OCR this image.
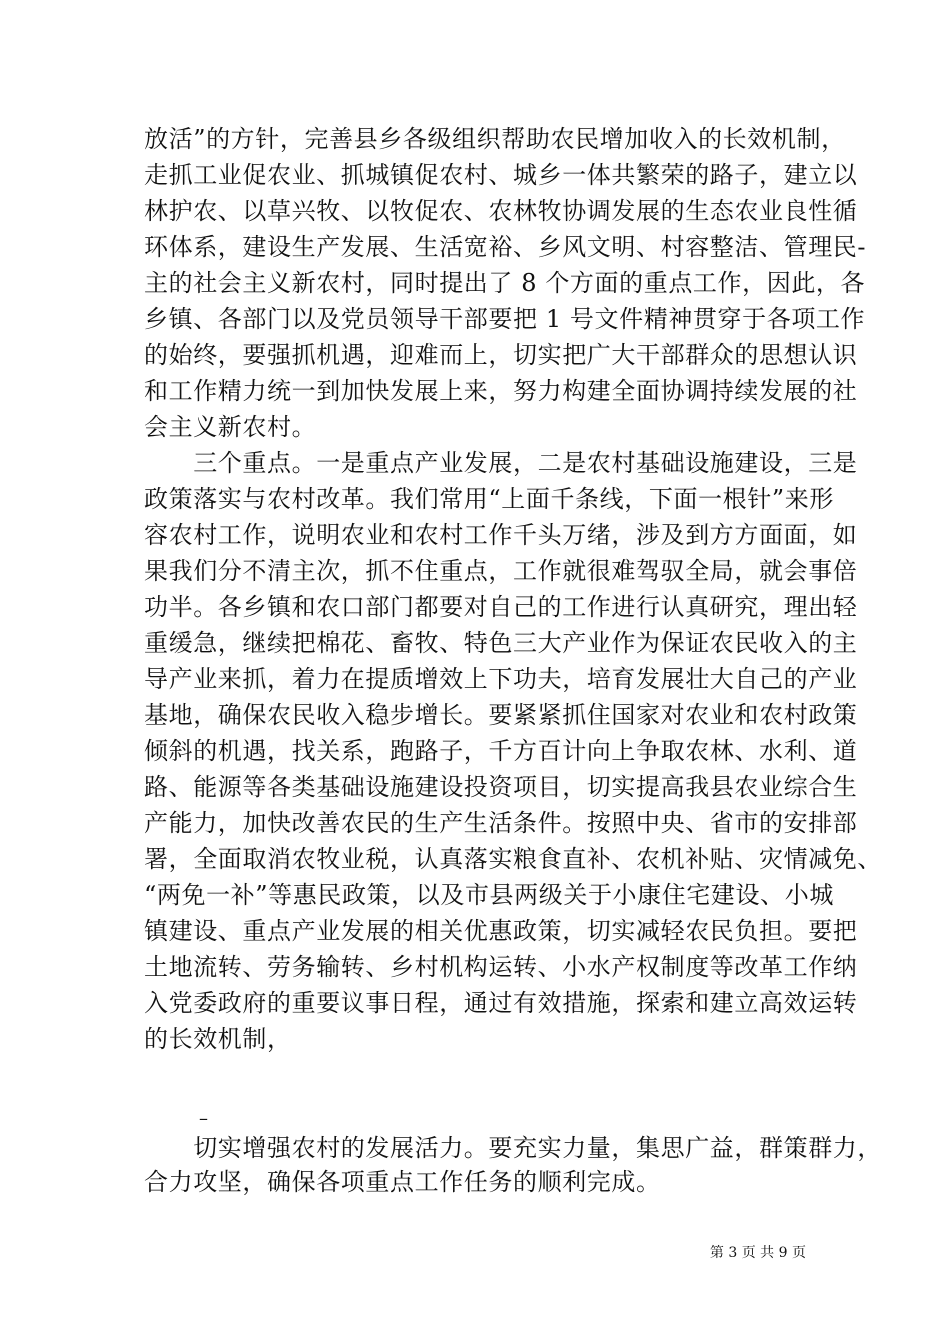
放活”的方针，完善县乡各级组织帮助农民增加收入的长效机制，
走抓工业促农业、抓城镇促农村、城乡一体共繁荣的路子，建立以
林护农、以草兴牧、以牧促农、农林牧协调发展的生态农业良性循
环体系，建设生产发展、生活宽裕、乡风文明、村容整洁、管理民-
主的社会主义新农村，同时提出了 8 个方面的重点工作，因此，各
乡镇、各部门以及党员领导干部要把 1 号文件精神贯穿于各项工作
的始终，要强抓机遇，迎难而上，切实把广大干部群众的思想认识
和工作精力统一到加快发展上来，努力构建全面协调持续发展的社
会主义新农村。
　　三个重点。一是重点产业发展，二是农村基础设施建设，三是
政策落实与农村改革。我们常用“上面千条线，下面一根针”来形
容农村工作，说明农业和农村工作千头万绪，涉及到方方面面，如
果我们分不清主次，抓不住重点，工作就很难驾驭全局，就会事倍
功半。各乡镇和农口部门都要对自己的工作进行认真研究，理出轻
重缓急，继续把棉花、畜牧、特色三大产业作为保证农民收入的主
导产业来抓，着力在提质增效上下功夫，培育发展壮大自己的产业
基地，确保农民收入稳步增长。要紧紧抓住国家对农业和农村政策
倾斜的机遇，找关系，跑路子，千方百计向上争取农林、水利、道
路、能源等各类基础设施建设投资项目，切实提高我县农业综合生
产能力，加快改善农民的生产生活条件。按照中央、省市的安排部
署，全面取消农牧业税，认真落实粮食直补、农机补贴、灾情减免、
“两免一补”等惠民政策，以及市县两级关于小康住宅建设、小城
镇建设、重点产业发展的相关优惠政策，切实减轻农民负担。要把
土地流转、劳务输转、乡村机构运转、小水产权制度等改革工作纳
入党委政府的重要议事日程，通过有效措施，探索和建立高效运转
的长效机制，
–
　　切实增强农村的发展活力。要充实力量，集思广益，群策群力，
合力攻坚，确保各项重点工作任务的顺利完成。
第 3 页 共 9 页
